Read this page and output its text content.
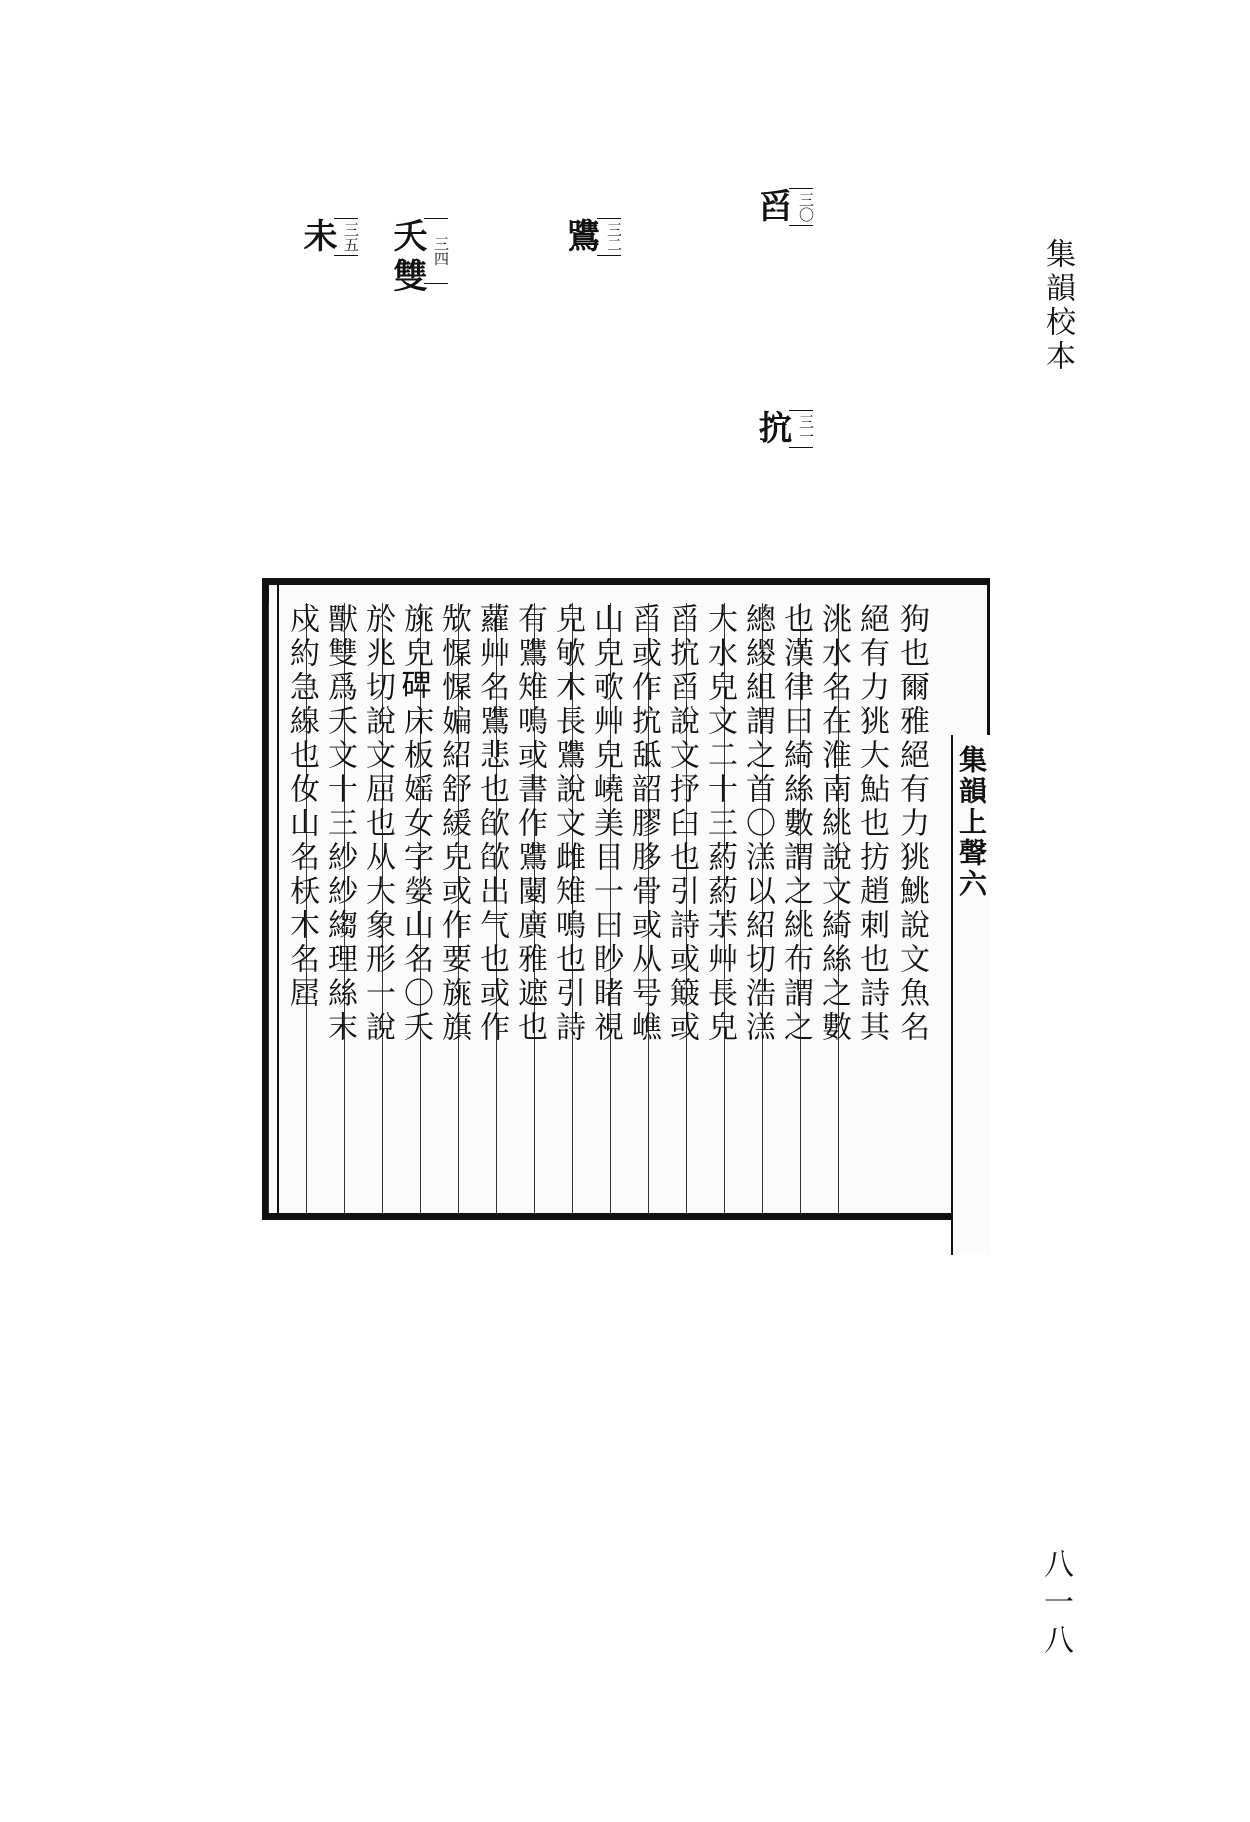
集韻校本
八一八
三〇
舀
三一
抭
三二
鷕
三四
夭雙
三五
未
狗也爾雅絕有力狣鮡說文魚名
絕有力狣大鮎也㧍趙刺也詩其
洮水名在淮南絩說文綺絲之數
也漢律曰綺絲數謂之絩布謂之
總緵組謂之首〇溔以紹切浩溔
大水皃文二十三葯葯茮艸長皃
舀抭舀說文抒臼也引詩或簸或
舀或作抭䑛韶膠䏧骨或从号嶕
山皃㰤艸皃嶢美目一曰眇睹視
皃㰬木長鷕說文雌雉鳴也引詩
有鷕雉鳴或書作鷕闄廣雅遮也
蘿艸名鷕悲也欿欿出气也或作
㰫㥡㥡媥紹舒緩皃或作要旐旗
旐皃𥓓床板媱女字嫈山名〇夭
於兆切說文屈也从大象形一說
獸雙爲夭文十三紗紗縐理絲末
戍約急線也㚢山名枖木名𡲬	集韻上聲六
